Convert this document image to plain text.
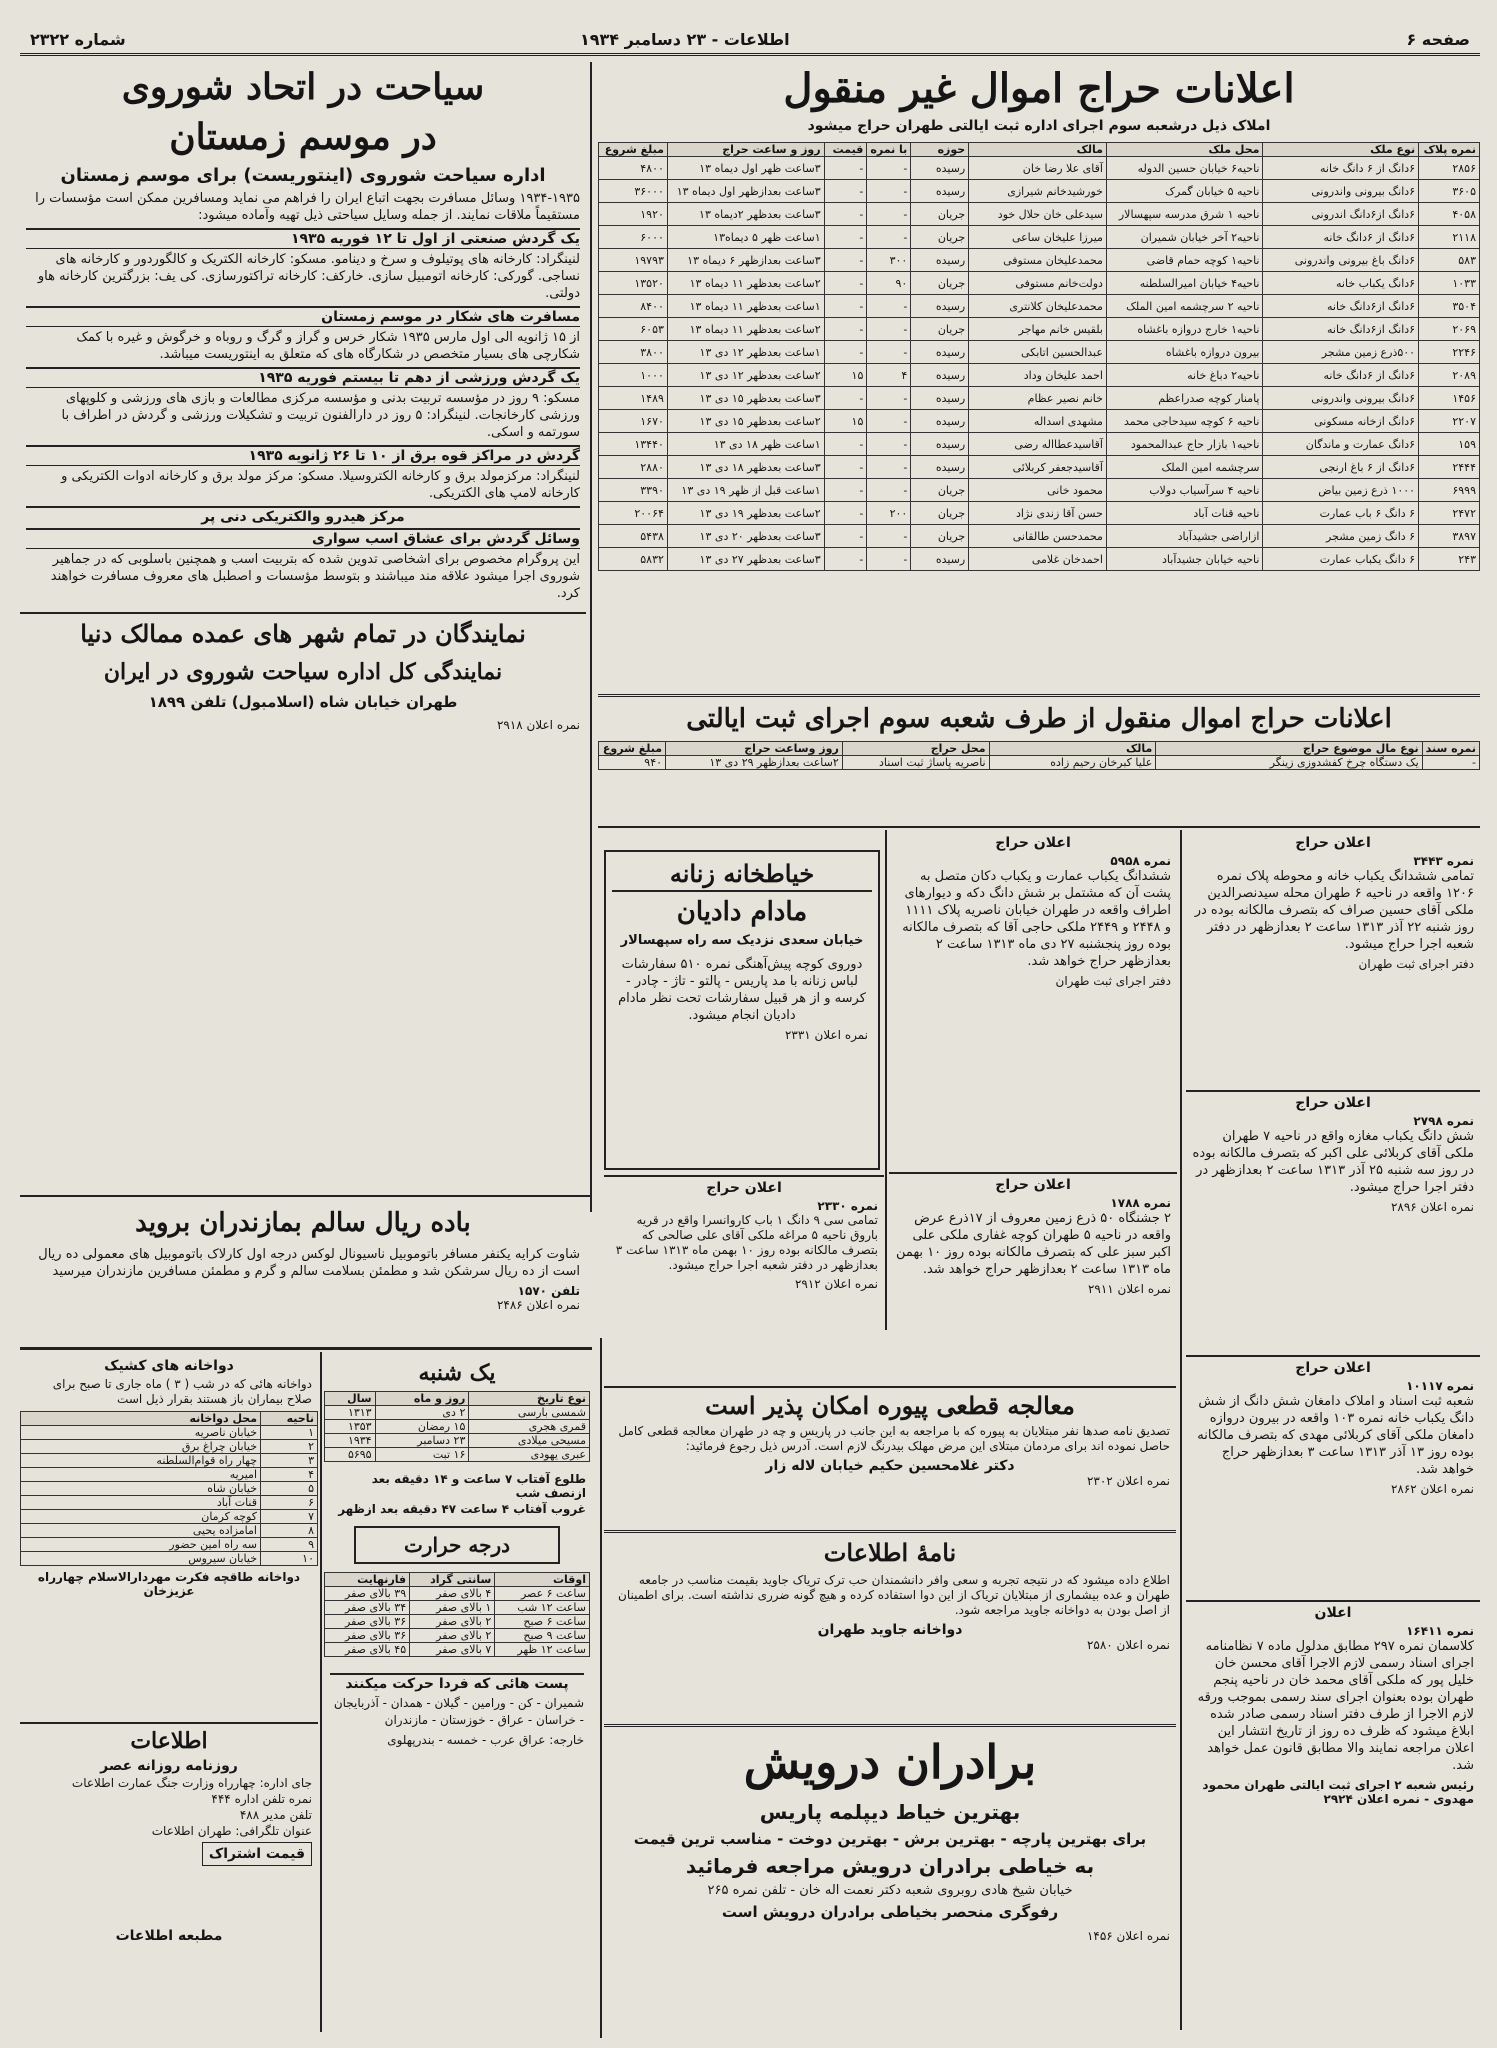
صفحه ۶
اطلاعات - ۲۳ دسامبر ۱۹۳۴
شماره ۲۳۲۲
اعلانات حراج اموال غیر منقول
املاک ذیل درشعبه سوم اجرای اداره ثبت ایالتی طهران حراج میشود
نمره پلاک	نوع ملک	محل ملک	مالک	حوزه	با نمره	قیمت	روز و ساعت حراج	مبلغ شروع
۲۸۵۶	۶دانگ از ۶ دانگ خانه	ناحیه۶ خیابان حسین الدوله	آقای علا رضا خان	رسیده	-	-	۳ساعت ظهر اول دیماه ۱۳	۴۸۰۰
۳۶۰۵	۶دانگ بیرونی واندرونی	ناحیه ۵ خیابان گمرک	خورشیدخانم شیرازی	رسیده	-	-	۳ساعت بعدازظهر اول دیماه ۱۳	۳۶۰۰۰
۴۰۵۸	۶دانگ از۶دانگ اندرونی	ناحیه ۱ شرق مدرسه سپهسالار	سیدعلی خان حلال خود	جریان	-	-	۳ساعت بعدظهر ۲دیماه ۱۳	۱۹۲۰
۲۱۱۸	۶دانگ از ۶دانگ خانه	ناحیه۲ آخر خیابان شمیران	میرزا علیخان ساعی	جریان	-	-	۱ساعت ظهر ۵ دیماه۱۳	۶۰۰۰
۵۸۳	۶دانگ باغ بیرونی واندرونی	ناحیه۱ کوچه حمام قاضی	محمدعلیخان مستوفی	رسیده	۳۰۰	-	۳ساعت بعدازظهر ۶ دیماه ۱۳	۱۹۷۹۳
۱۰۳۳	۶دانگ یکباب خانه	ناحیه۴ خیابان امیرالسلطنه	دولت‌خانم مستوفی	جریان	۹۰	-	۲ساعت بعدظهر ۱۱ دیماه ۱۳	۱۳۵۲۰
۳۵۰۴	۶دانگ از۶دانگ خانه	ناحیه ۲ سرچشمه امین الملک	محمدعلیخان کلانتری	رسیده	-	-	۱ساعت بعدظهر ۱۱ دیماه ۱۳	۸۴۰۰
۲۰۶۹	۶دانگ از۶دانگ خانه	ناحیه۱ خارج دروازه باغشاه	بلقیس خانم مهاجر	جریان	-	-	۲ساعت بعدظهر ۱۱ دیماه ۱۳	۶۰۵۳
۲۲۴۶	۵۰۰ذرع زمین مشجر	بیرون دروازه باغشاه	عبدالحسین اتابکی	رسیده	-	-	۱ساعت بعدظهر ۱۲ دی ۱۳	۳۸۰۰
۲۰۸۹	۶دانگ از ۶دانگ خانه	ناحیه۲ دباغ خانه	احمد علیخان وداد	رسیده	۴	۱۵	۲ساعت بعدظهر ۱۲ دی ۱۳	۱۰۰۰
۱۴۵۶	۶دانگ بیرونی واندرونی	پامنار کوچه صدراعظم	خانم نصیر عظام	رسیده	-	-	۳ساعت بعدظهر ۱۵ دی ۱۳	۱۴۸۹
۲۲۰۷	۶دانگ ازخانه مسکونی	ناحیه ۶ کوچه سیدحاجی محمد	مشهدی اسداله	رسیده	-	۱۵	۲ساعت بعدظهر ۱۵ دی ۱۳	۱۶۷۰
۱۵۹	۶دانگ عمارت و ماندگان	ناحیه۱ بازار حاج عبدالمحمود	آقاسیدعطااله رضی	رسیده	-	-	۱ساعت ظهر ۱۸ دی ۱۳	۱۳۴۴۰
۲۴۴۴	۶دانگ از ۶ باغ ارنجی	سرچشمه امین الملک	آقاسیدجعفر کربلائی	رسیده	-	-	۳ساعت بعدظهر ۱۸ دی ۱۳	۲۸۸۰
۶۹۹۹	۱۰۰۰ ذرع زمین بیاض	ناحیه ۴ سرآسیاب دولاب	محمود خانی	جریان	-	-	۱ساعت قبل از ظهر ۱۹ دی ۱۳	۳۳۹۰
۲۴۷۲	۶ دانگ ۶ باب عمارت	ناحیه قنات آباد	حسن آقا زندی نژاد	جریان	۲۰۰	-	۲ساعت بعدظهر ۱۹ دی ۱۳	۲۰۰۶۴
۳۸۹۷	۶ دانگ زمین مشجر	ازاراضی جشیدآباد	محمدحسن طالقانی	جریان	-	-	۳ساعت بعدظهر ۲۰ دی ۱۳	۵۴۳۸
۲۴۳	۶ دانگ یکباب عمارت	ناحیه خیابان جشیدآباد	احمدخان غلامی	رسیده	-	-	۳ساعت بعدظهر ۲۷ دی ۱۳	۵۸۳۲
اعلانات حراج اموال منقول از طرف شعبه سوم اجرای ثبت ایالتی
نمره سند	نوع مال موضوع حراج	مالک	محل حراج	روز وساعت حراج	مبلغ شروع
-	یک دستگاه چرخ کفشدوزی زینگر	علیا کبرخان رحیم زاده	ناصریه پاساژ ثبت اسناد	۲ساعت بعدازظهر ۲۹ دی ۱۳	۹۴۰
اعلان حراج
نمره ۳۴۴۳
تمامی ششدانگ یکباب خانه و محوطه پلاک نمره ۱۲۰۶ واقعه در ناحیه ۶ طهران محله سیدنصرالدین ملکی آقای حسین صراف که بتصرف مالکانه بوده در روز شنبه ۲۲ آذر ۱۳۱۳ ساعت ۲ بعدازظهر در دفتر شعبه اجرا حراج میشود.
دفتر اجرای ثبت طهران
اعلان حراج
نمره ۲۷۹۸
شش دانگ یکباب مغازه واقع در ناحیه ۷ طهران ملکی آقای کربلائی علی اکبر که بتصرف مالکانه بوده در روز سه شنبه ۲۵ آذر ۱۳۱۳ ساعت ۲ بعدازظهر در دفتر اجرا حراج میشود.
نمره اعلان ۲۸۹۶
اعلان حراج
نمره ۱۰۱۱۷
شعبه ثبت اسناد و املاک دامغان شش دانگ از شش دانگ یکباب خانه نمره ۱۰۳ واقعه در بیرون دروازه دامغان ملکی آقای کربلائی مهدی که بتصرف مالکانه بوده روز ۱۳ آذر ۱۳۱۳ ساعت ۳ بعدازظهر حراج خواهد شد.
نمره اعلان ۲۸۶۲
اعلان
نمره ۱۶۴۱۱
کلاسمان نمره ۲۹۷ مطابق مدلول ماده ۷ نظامنامه اجرای اسناد رسمی لازم الاجرا آقای محسن خان خلیل پور که ملکی آقای محمد خان در ناحیه پنجم طهران بوده بعنوان اجرای سند رسمی بموجب ورقه لازم الاجرا از طرف دفتر اسناد رسمی صادر شده ابلاغ میشود که ظرف ده روز از تاریخ انتشار این اعلان مراجعه نمایند والا مطابق قانون عمل خواهد شد.
رئیس شعبه ۲ اجرای ثبت ایالتی طهران محمود مهدوی - نمره اعلان ۲۹۲۴
اعلان حراج
نمره ۵۹۵۸
ششدانگ یکباب عمارت و یکباب دکان متصل به پشت آن که مشتمل بر شش دانگ دکه و دیوارهای اطراف واقعه در طهران خیابان ناصریه پلاک ۱۱۱۱ و ۲۴۴۸ و ۲۴۴۹ ملکی حاجی آقا که بتصرف مالکانه بوده روز پنجشنبه ۲۷ دی ماه ۱۳۱۳ ساعت ۲ بعدازظهر حراج خواهد شد.
دفتر اجرای ثبت طهران
اعلان حراج
نمره ۱۷۸۸
۲ جشنگاه ۵۰ ذرع زمین معروف از ۱۷ذرع عرض واقعه در ناحیه ۵ طهران کوچه غفاری ملکی علی اکبر سبز علی که بتصرف مالکانه بوده روز ۱۰ بهمن ماه ۱۳۱۳ ساعت ۲ بعدازظهر حراج خواهد شد.
نمره اعلان ۲۹۱۱
خیاطخانه زنانه
مادام دادیان
خیابان سعدی نزدیک سه راه سپهسالار
دوروی کوچه پیش‌آهنگی نمره ۵۱۰ سفارشات لباس زنانه با مد پاریس - پالتو - تاژ - چادر - کرسه و از هر قبیل سفارشات تحت نظر مادام دادیان انجام میشود.
نمره اعلان ۲۳۳۱
اعلان حراج
نمره ۲۳۳۰
تمامی سی ۹ دانگ ۱ باب کاروانسرا واقع در قریه باروق ناحیه ۵ مراغه ملکی آقای علی صالحی که بتصرف مالکانه بوده روز ۱۰ بهمن ماه ۱۳۱۳ ساعت ۳ بعدازظهر در دفتر شعبه اجرا حراج میشود.
نمره اعلان ۲۹۱۲
معالجه قطعی پیوره امکان پذیر است
تصدیق نامه صدها نفر مبتلایان به پیوره که با مراجعه به این جانب در پاریس و چه در طهران معالجه قطعی کامل حاصل نموده اند برای مردمان مبتلای این مرض مهلک بیدرنگ لازم است. آدرس ذیل رجوع فرمائید:
دکتر غلامحسین حکیم خیابان لاله زار
نمره اعلان ۲۳۰۲
نامهٔ اطلاعات
اطلاع داده میشود که در نتیجه تجربه و سعی وافر دانشمندان حب ترک تریاک جاوید بقیمت مناسب در جامعه طهران و عده بیشماری از مبتلایان تریاک از این دوا استفاده کرده و هیچ گونه ضرری نداشته است. برای اطمینان از اصل بودن به دواخانه جاوید مراجعه شود.
دواخانه جاوید طهران
نمره اعلان ۲۵۸۰
برادران درویش
بهترین خیاط دیپلمه پاریس
برای بهترین پارچه - بهترین برش - بهترین دوخت - مناسب ترین قیمت
به خیاطی برادران درویش مراجعه فرمائید
خیابان شیخ هادی روبروی شعبه دکتر نعمت اله خان - تلفن نمره ۲۶۵
رفوگری منحصر بخیاطی برادران درویش است
نمره اعلان ۱۴۵۶
سیاحت در اتحاد شوروی
در موسم زمستان
اداره سیاحت شوروی (اینتوریست) برای موسم زمستان
۱۹۳۴-۱۹۳۵ وسائل مسافرت بجهت اتباع ایران را فراهم می نماید ومسافرین ممکن است مؤسسات را مستقیماً ملاقات نمایند. از جمله وسایل سیاحتی ذیل تهیه وآماده میشود:
یک گردش صنعتی از اول تا ۱۲ فوریه ۱۹۳۵
لنینگراد: کارخانه های پوتیلوف و سرخ و دینامو. مسکو: کارخانه الکتریک و کالگوردور و کارخانه های نساجی. گورکی: کارخانه اتومبیل سازی. خارکف: کارخانه تراکتورسازی. کی یف: بزرگترین کارخانه هاو دولتی.
مسافرت های شکار در موسم زمستان
از ۱۵ ژانویه الی اول مارس ۱۹۳۵ شکار خرس و گراز و گرگ و روباه و خرگوش و غیره با کمک شکارچی های بسیار متخصص در شکارگاه های که متعلق به اینتوریست میباشد.
یک گردش ورزشی از دهم تا بیستم فوریه ۱۹۳۵
مسکو: ۹ روز در مؤسسه تربیت بدنی و مؤسسه مرکزی مطالعات و بازی های ورزشی و کلوپهای ورزشی کارخانجات. لنینگراد: ۵ روز در دارالفنون تربیت و تشکیلات ورزشی و گردش در اطراف با سورتمه و اسکی.
گردش در مراکز قوه برق از ۱۰ تا ۲۶ ژانویه ۱۹۳۵
لنینگراد: مرکزمولد برق و کارخانه الکتروسیلا. مسکو: مرکز مولد برق و کارخانه ادوات الکتریکی و کارخانه لامپ های الکتریکی.
مرکز هیدرو والکتریکی دنی پر
وسائل گردش برای عشاق اسب سواری
این پروگرام مخصوص برای اشخاصی تدوین شده که بتربیت اسب و همچنین باسلوبی که در جماهیر شوروی اجرا میشود علاقه مند میباشند و بتوسط مؤسسات و اصطبل های معروف مسافرت خواهند کرد.
نمایندگان در تمام شهر های عمده ممالک دنیا
نمایندگی کل اداره سیاحت شوروی در ایران
طهران خیابان شاه (اسلامبول) تلفن ۱۸۹۹
نمره اعلان ۲۹۱۸
باده ریال سالم بمازندران بروید
شاوت کرایه یکنفر مسافر باتوموبیل ناسیونال لوکس درجه اول کارلاک باتوموبیل های معمولی ده ریال است از ده ریال سرشکن شد و مطمئن بسلامت سالم و گرم و مطمئن مسافرین مازندران میرسید
تلفن ۱۵۷۰
نمره اعلان ۲۴۸۶
دواخانه های کشیک
دواخانه هائی که در شب ( ۳ ) ماه جاری تا صبح برای صلاح بیماران باز هستند بقرار ذیل است
ناحیه	محل دواخانه
۱	خیابان ناصریه
۲	خیابان چراغ برق
۳	چهار راه قوام‌السلطنه
۴	امیریه
۵	خیابان شاه
۶	قنات آباد
۷	کوچه کرمان
۸	امامزاده یحیی
۹	سه راه امین حضور
۱۰	خیابان سیروس
دواخانه طاقچه فکرت مهردارالاسلام چهارراه عزیزخان
اطلاعات
روزنامه روزانه عصر
جای اداره: چهارراه وزارت جنگ عمارت اطلاعات
نمره تلفن اداره ۴۴۴
تلفن مدیر ۴۸۸
عنوان تلگرافی: طهران اطلاعات
قیمت اشتراک
مطبعه اطلاعات
یک شنبه
نوع تاریخ	روز و ماه	سال
شمسی بارسی	۲ دی	۱۳۱۳
قمری هجری	۱۵ رمضان	۱۳۵۳
مسیحی میلادی	۲۳ دسامبر	۱۹۳۴
عبری یهودی	۱۶ تبت	۵۶۹۵
طلوع آفتاب ۷ ساعت و ۱۴ دقیقه بعد ازنصف شب
غروب آفتاب ۴ ساعت ۴۷ دقیقه بعد ازظهر
درجه حرارت
اوقات	سانتی گراد	فارنهایت
ساعت ۶ عصر	۴ بالای صفر	۳۹ بالای صفر
ساعت ۱۲ شب	۱ بالای صفر	۳۴ بالای صفر
ساعت ۶ صبح	۲ بالای صفر	۳۶ بالای صفر
ساعت ۹ صبح	۲ بالای صفر	۳۶ بالای صفر
ساعت ۱۲ ظهر	۷ بالای صفر	۴۵ بالای صفر
پست هائی که فردا حرکت میکنند
شمیران - کن - ورامین - گیلان - همدان - آذربایجان - خراسان - عراق - خوزستان - مازندران
خارجه: عراق عرب - خمسه - بندرپهلوی
